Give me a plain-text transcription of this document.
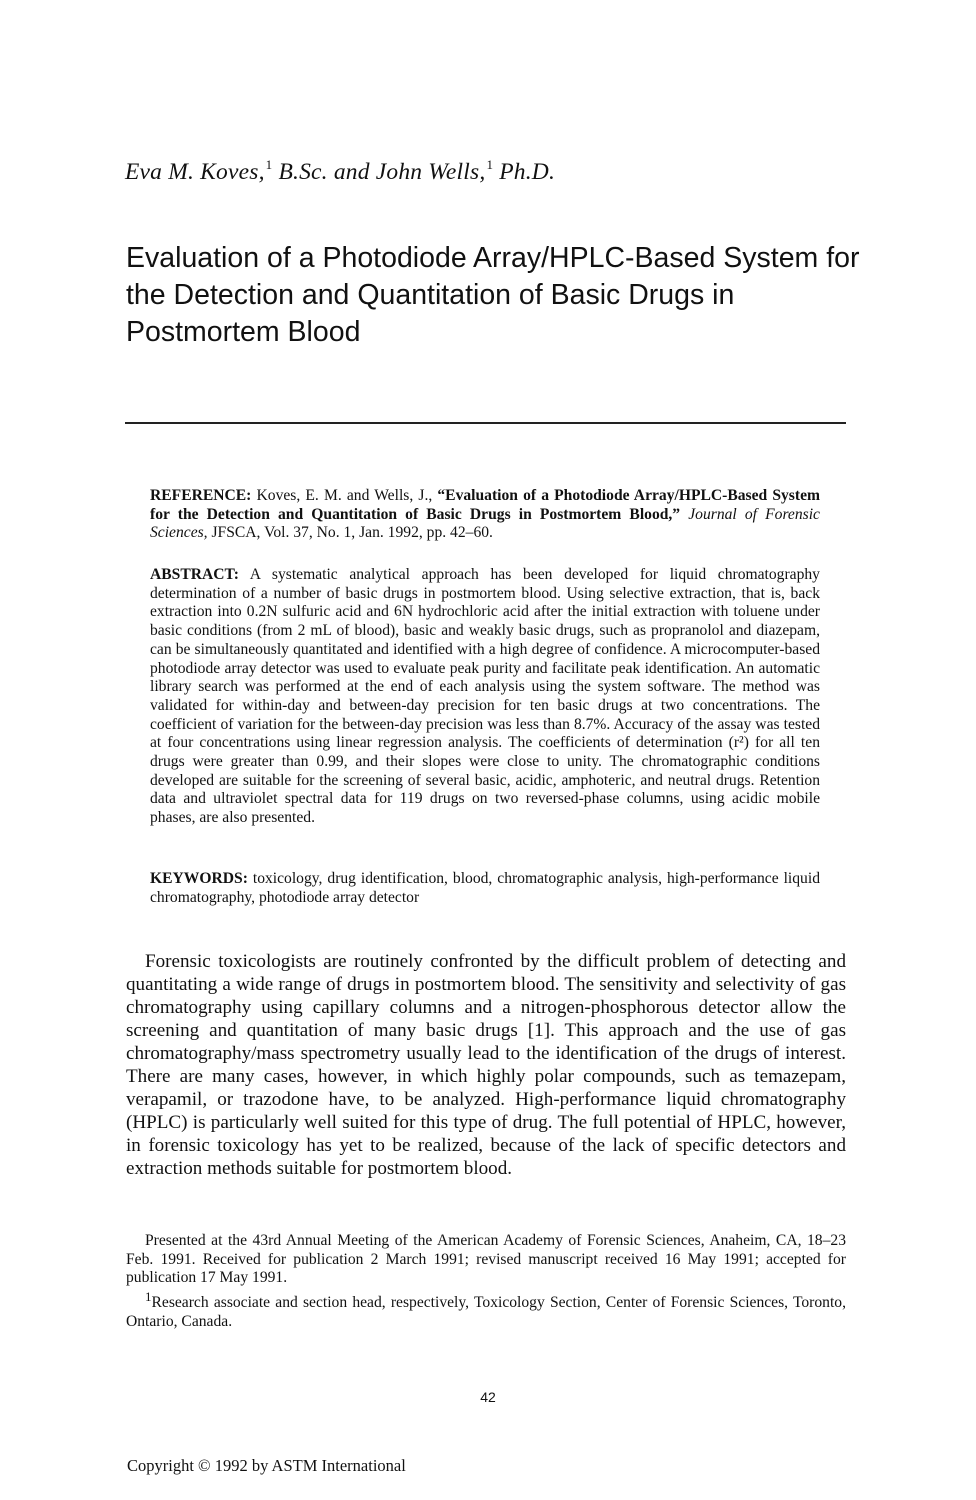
Eva M. Koves,$^1$ B.Sc. and John Wells,$^1$ Ph.D.
Evaluation of a Photodiode Array/HPLC-Based System for the Detection and Quantitation of Basic Drugs in Postmortem Blood
REFERENCE: Koves, E. M. and Wells, J., “Evaluation of a Photodiode Array/HPLC-Based System for the Detection and Quantitation of Basic Drugs in Postmortem Blood,” Journal of Forensic Sciences, JFSCA, Vol. 37, No. 1, Jan. 1992, pp. 42–60.
ABSTRACT: A systematic analytical approach has been developed for liquid chromatography determination of a number of basic drugs in postmortem blood. Using selective extraction, that is, back extraction into 0.2N sulfuric acid and 6N hydrochloric acid after the initial extraction with toluene under basic conditions (from 2 mL of blood), basic and weakly basic drugs, such as propranolol and diazepam, can be simultaneously quantitated and identified with a high degree of confidence. A microcomputer-based photodiode array detector was used to evaluate peak purity and facilitate peak identification. An automatic library search was performed at the end of each analysis using the system software. The method was validated for within-day and between-day precision for ten basic drugs at two concentrations. The coefficient of variation for the between-day precision was less than 8.7%. Accuracy of the assay was tested at four concentrations using linear regression analysis. The coefficients of determination (r²) for all ten drugs were greater than 0.99, and their slopes were close to unity. The chromatographic conditions developed are suitable for the screening of several basic, acidic, amphoteric, and neutral drugs. Retention data and ultraviolet spectral data for 119 drugs on two reversed-phase columns, using acidic mobile phases, are also presented.
KEYWORDS: toxicology, drug identification, blood, chromatographic analysis, high-performance liquid chromatography, photodiode array detector
Forensic toxicologists are routinely confronted by the difficult problem of detecting and quantitating a wide range of drugs in postmortem blood. The sensitivity and selectivity of gas chromatography using capillary columns and a nitrogen-phosphorous detector allow the screening and quantitation of many basic drugs [1]. This approach and the use of gas chromatography/mass spectrometry usually lead to the identification of the drugs of interest. There are many cases, however, in which highly polar compounds, such as temazepam, verapamil, or trazodone have, to be analyzed. High-performance liquid chromatography (HPLC) is particularly well suited for this type of drug. The full potential of HPLC, however, in forensic toxicology has yet to be realized, because of the lack of specific detectors and extraction methods suitable for postmortem blood.

Presented at the 43rd Annual Meeting of the American Academy of Forensic Sciences, Anaheim, CA, 18–23 Feb. 1991. Received for publication 2 March 1991; revised manuscript received 16 May 1991; accepted for publication 17 May 1991.

$^1$Research associate and section head, respectively, Toxicology Section, Center of Forensic Sciences, Toronto, Ontario, Canada.

42
Copyright © 1992 by ASTM International
